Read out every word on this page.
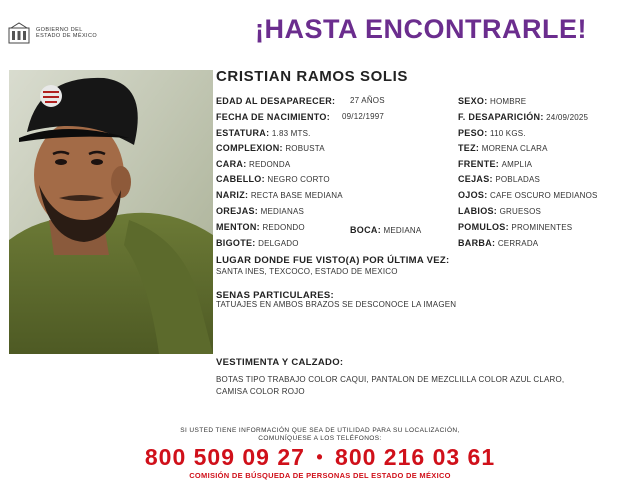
GOBIERNO DEL
ESTADO DE MÉXICO	¡HASTA ENCONTRARLE!
CRISTIAN RAMOS SOLIS
EDAD AL DESAPARECER: 27 AÑOS
FECHA DE NACIMIENTO: 09/12/1997
ESTATURA: 1.83 MTS.
COMPLEXION: ROBUSTA
CARA: REDONDA
CABELLO: NEGRO CORTO
NARIZ: RECTA BASE MEDIANA
OREJAS: MEDIANAS
MENTON: REDONDO
BIGOTE: DELGADO
BOCA: MEDIANA
SEXO: HOMBRE
F. DESAPARICIÓN: 24/09/2025
PESO: 110 KGS.
TEZ: MORENA CLARA
FRENTE: AMPLIA
CEJAS: POBLADAS
OJOS: CAFE OSCURO MEDIANOS
LABIOS: GRUESOS
POMULOS: PROMINENTES
BARBA: CERRADA
LUGAR DONDE FUE VISTO(A) POR ÚLTIMA VEZ:
SANTA INES, TEXCOCO, ESTADO DE MEXICO
SENAS PARTICULARES:
TATUAJES EN AMBOS BRAZOS SE DESCONOCE LA IMAGEN
VESTIMENTA Y CALZADO:
BOTAS TIPO TRABAJO COLOR CAQUI, PANTALON DE MEZCLILLA COLOR AZUL CLARO,
CAMISA COLOR ROJO
SI USTED TIENE INFORMACIÓN QUE SEA DE UTILIDAD PARA SU LOCALIZACIÓN,
COMUNÍQUESE A LOS TELÉFONOS:
800 509 09 27 • 800 216 03 61
COMISIÓN DE BÚSQUEDA DE PERSONAS DEL ESTADO DE MÉXICO
